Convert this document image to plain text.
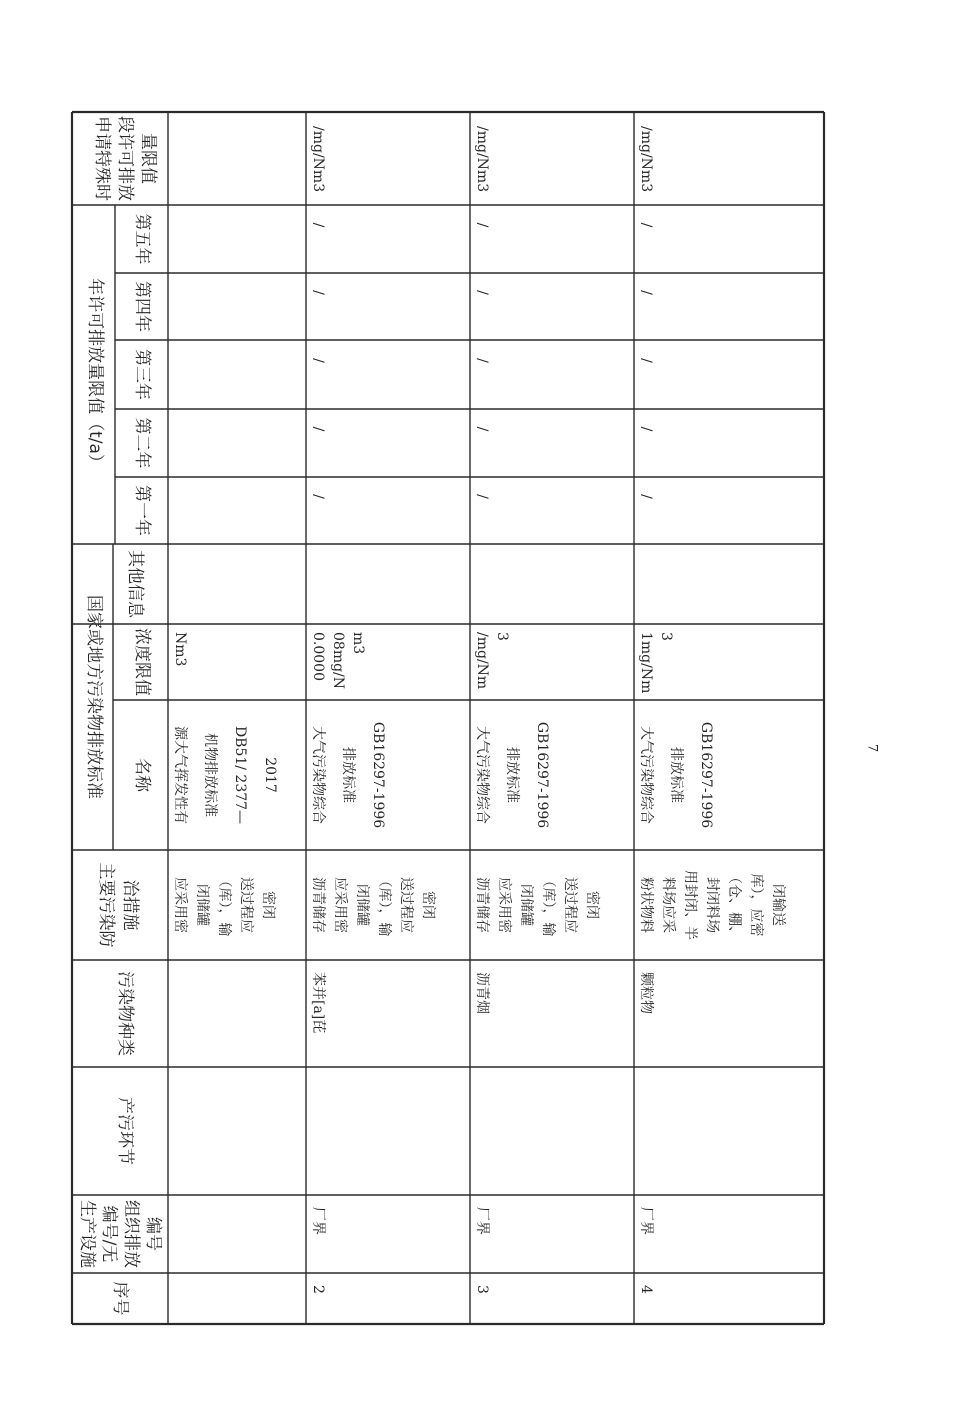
序号
生产设施 编号/无 组织排放 编号
产污环节
污染物种类
主要污染防 治措施
国家或地方污染物排放标准 名称
浓度限值
其他信息
年许可排放量限值（t/a）
第一年
第二年
第三年
第四年
第五年
申请特殊时 段许可排放 量限值
应采用密 闭储罐 （库），输 送过程应 密闭
源大气挥发性有 机物排放标准 DB51/ 2377— 2017
Nm3
2
厂界
苯并[a]芘
沥青储存 应采用密 闭储罐 （库），输 送过程应 密闭
大气污染物综合 排放标准 GB16297-1996
0.0000 08mg/N m3
/
/
/
/
/
/mg/Nm3
3
厂界
沥青烟
沥青储存 应采用密 闭储罐 （库），输 送过程应 密闭
大气污染物综合 排放标准 GB16297-1996
/mg/Nm 3
/
/
/
/
/
/mg/Nm3
4
厂界
颗粒物
粉状物料 料场应采 用封闭、半 封闭料场 （仓、棚、 库），应密 闭输送
大气污染物综合 排放标准 GB16297-1996
1mg/Nm 3
/
/
/
/
/
/mg/Nm3
7
